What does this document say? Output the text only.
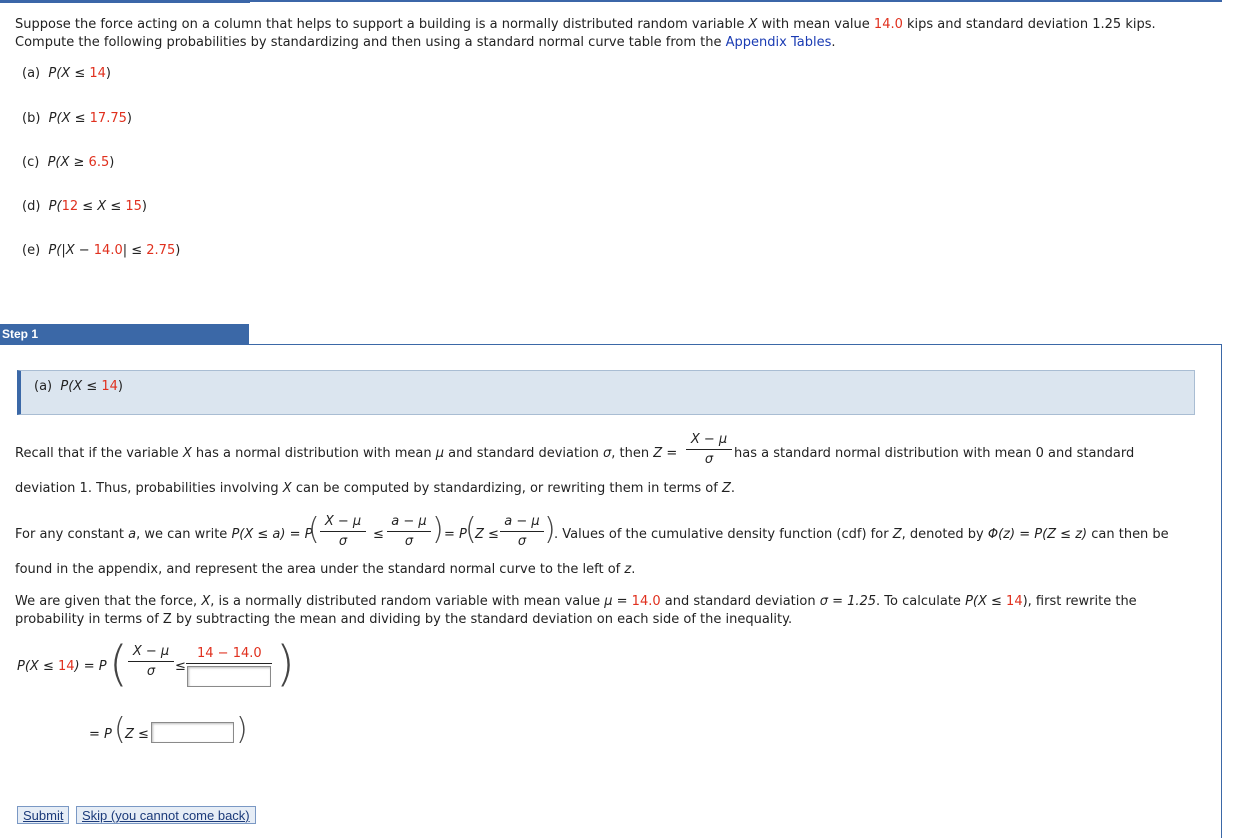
Suppose the force acting on a column that helps to support a building is a normally distributed random variable X with mean value 14.0 kips and standard deviation 1.25 kips.
Compute the following probabilities by standardizing and then using a standard normal curve table from the Appendix Tables.
(a) P(X ≤ 14)
(b) P(X ≤ 17.75)
(c) P(X ≥ 6.5)
(d) P(12 ≤ X ≤ 15)
(e) P(|X − 14.0| ≤ 2.75)
Step 1
(a) P(X ≤ 14)
Recall that if the variable X has a normal distribution with mean μ and standard deviation σ, then Z =
X − μ
σ	has a standard normal distribution with mean 0 and standard
deviation 1. Thus, probabilities involving X can be computed by standardizing, or rewriting them in terms of Z.
For any constant a, we can write P(X ≤ a) = P
( X − μ
σ	≤
a − μ
σ ) = P
(
Z ≤
a − μ
σ )
. Values of the cumulative density function (cdf) for Z, denoted by Φ(z) = P(Z ≤ z) can then be
found in the appendix, and represent the area under the standard normal curve to the left of z.
We are given that the force, X, is a normally distributed random variable with mean value μ = 14.0 and standard deviation σ = 1.25. To calculate P(X ≤ 14), first rewrite the
probability in terms of Z by subtracting the mean and dividing by the standard deviation on each side of the inequality.
P(X ≤ 14) = P ( X − μ
σ	≤
14 − 14.0 )
= P ( Z ≤	)
Submit	Skip (you cannot come back)
